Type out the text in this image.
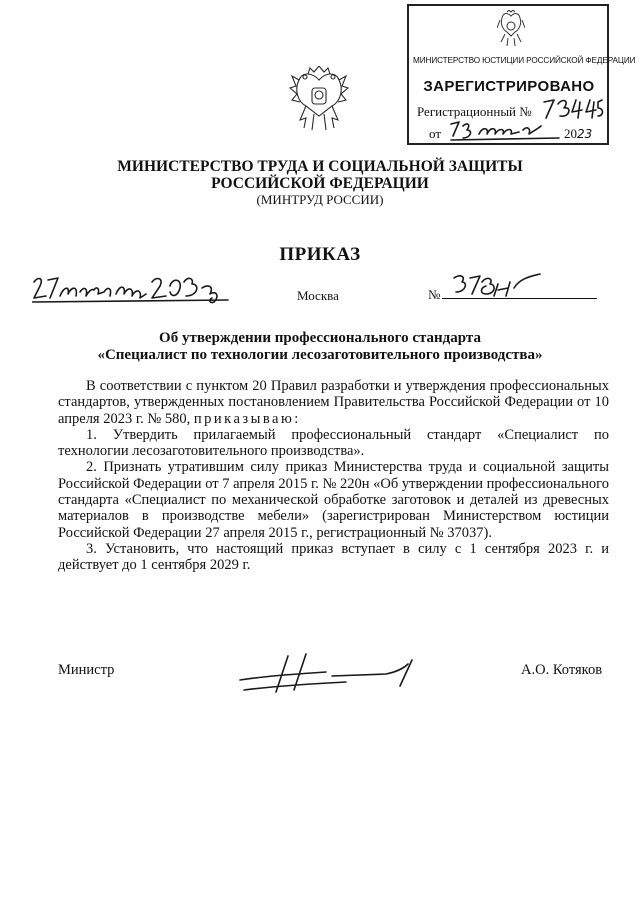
МИНИСТЕРСТВО ЮСТИЦИИ РОССИЙСКОЙ ФЕДЕРАЦИИ
ЗАРЕГИСТРИРОВАНО
Регистрационный №
от	2023
МИНИСТЕРСТВО ТРУДА И СОЦИАЛЬНОЙ ЗАЩИТЫ
РОССИЙСКОЙ ФЕДЕРАЦИИ
(МИНТРУД РОССИИ)
ПРИКАЗ
Москва	№
Об утверждении профессионального стандарта
«Специалист по технологии лесозаготовительного производства»

В соответствии с пунктом 20 Правил разработки и утверждения профессиональных стандартов, утвержденных постановлением Правительства Российской Федерации от 10 апреля 2023 г. № 580, приказываю:

1. Утвердить прилагаемый профессиональный стандарт «Специалист по технологии лесозаготовительного производства».

2. Признать утратившим силу приказ Министерства труда и социальной защиты Российской Федерации от 7 апреля 2015 г. № 220н «Об утверждении профессионального стандарта «Специалист по механической обработке заготовок и деталей из древесных материалов в производстве мебели» (зарегистрирован Министерством юстиции Российской Федерации 27 апреля 2015 г., регистрационный № 37037).

3. Установить, что настоящий приказ вступает в силу с 1 сентября 2023 г. и действует до 1 сентября 2029 г.

Министр	А.О. Котяков
